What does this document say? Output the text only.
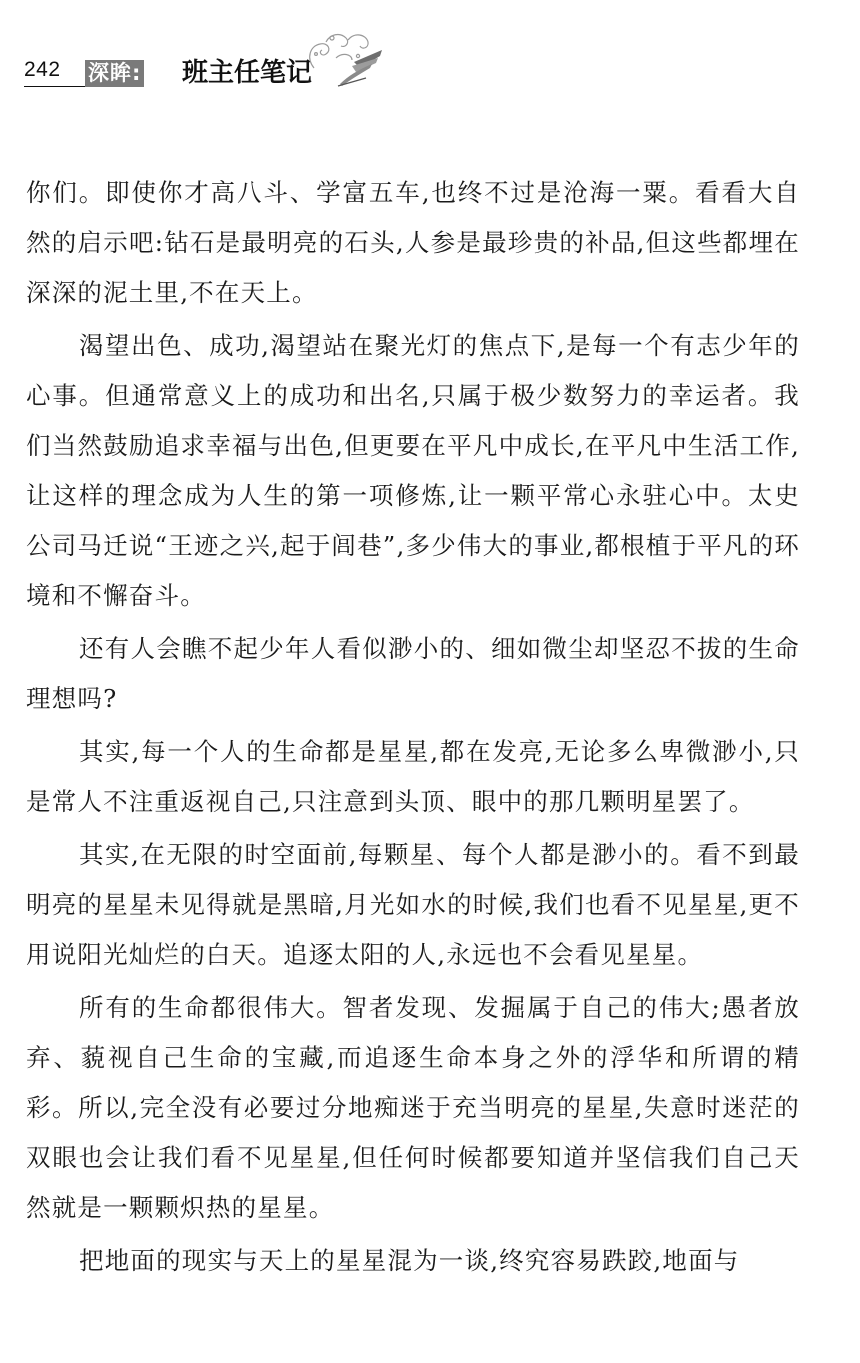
242 深眸: 班主任笔记

你们。即使你才高八斗、学富五车,也终不过是沧海一粟。看看大自然的启示吧:钻石是最明亮的石头,人参是最珍贵的补品,但这些都埋在深深的泥土里,不在天上。

渴望出色、成功,渴望站在聚光灯的焦点下,是每一个有志少年的心事。但通常意义上的成功和出名,只属于极少数努力的幸运者。我们当然鼓励追求幸福与出色,但更要在平凡中成长,在平凡中生活工作,让这样的理念成为人生的第一项修炼,让一颗平常心永驻心中。太史公司马迁说“王迹之兴,起于闾巷”,多少伟大的事业,都根植于平凡的环境和不懈奋斗。

还有人会瞧不起少年人看似渺小的、细如微尘却坚忍不拔的生命理想吗?

其实,每一个人的生命都是星星,都在发亮,无论多么卑微渺小,只是常人不注重返视自己,只注意到头顶、眼中的那几颗明星罢了。

其实,在无限的时空面前,每颗星、每个人都是渺小的。看不到最明亮的星星未见得就是黑暗,月光如水的时候,我们也看不见星星,更不用说阳光灿烂的白天。追逐太阳的人,永远也不会看见星星。

所有的生命都很伟大。智者发现、发掘属于自己的伟大;愚者放弃、藐视自己生命的宝藏,而追逐生命本身之外的浮华和所谓的精彩。所以,完全没有必要过分地痴迷于充当明亮的星星,失意时迷茫的双眼也会让我们看不见星星,但任何时候都要知道并坚信我们自己天然就是一颗颗炽热的星星。

把地面的现实与天上的星星混为一谈,终究容易跌跤,地面与
